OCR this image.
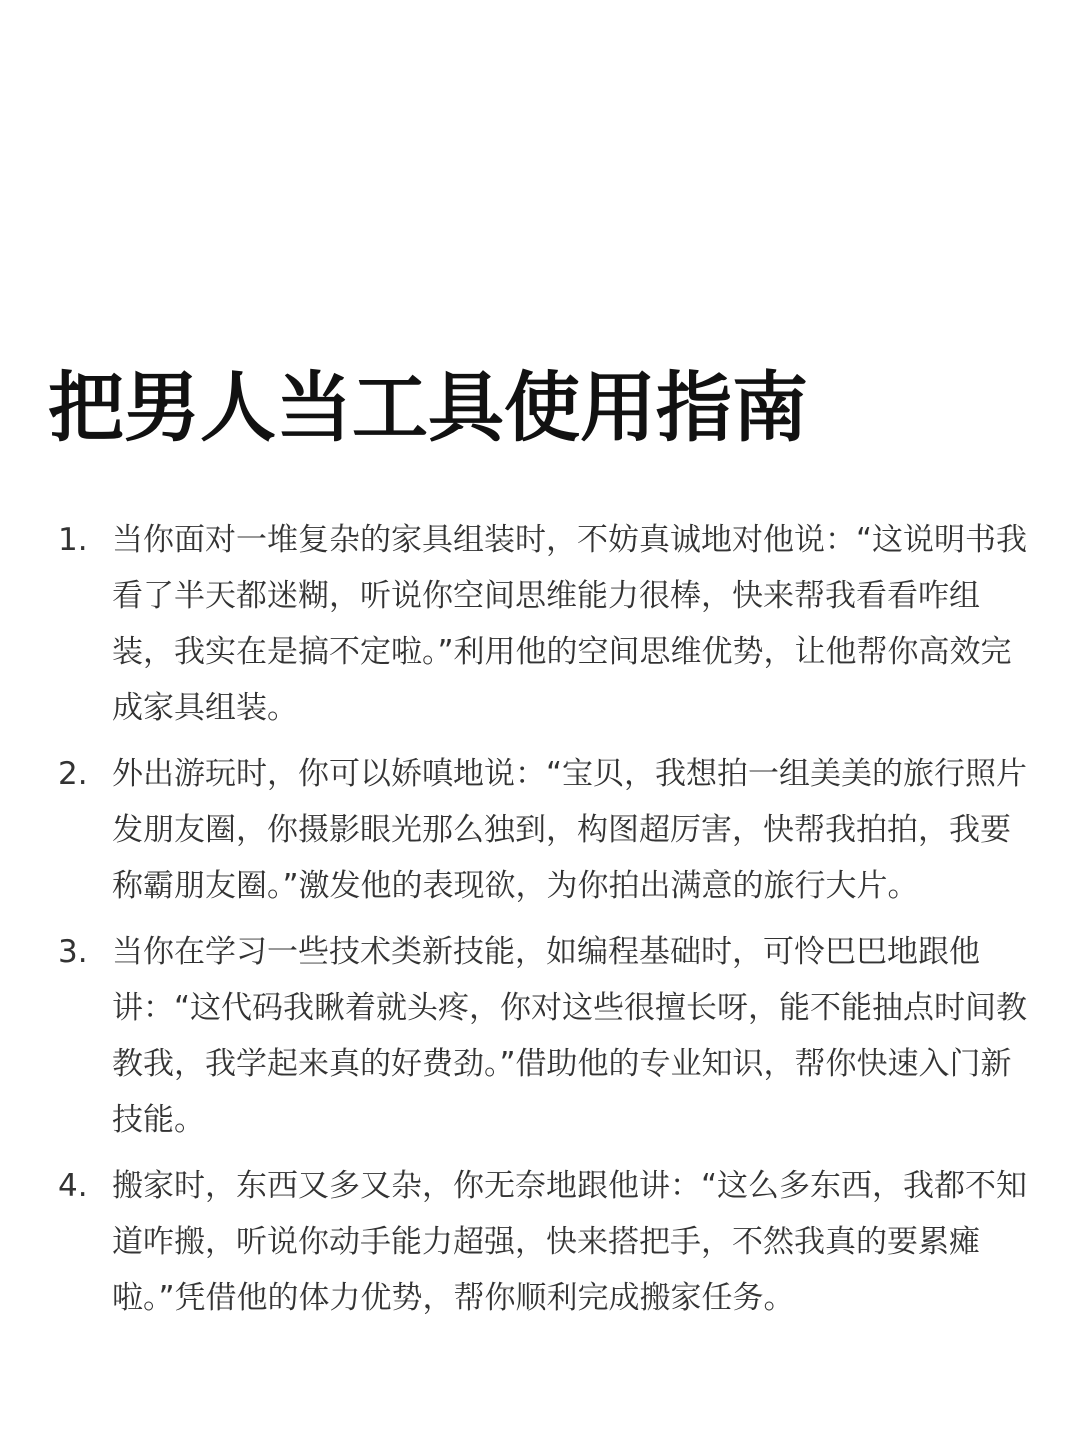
把男人当工具使用指南
1. 当你面对一堆复杂的家具组装时，不妨真诚地对他说：“这说明书我看了半天都迷糊，听说你空间思维能力很棒，快来帮我看看咋组装，我实在是搞不定啦。”利用他的空间思维优势，让他帮你高效完成家具组装。
2. 外出游玩时，你可以娇嗔地说：“宝贝，我想拍一组美美的旅行照片发朋友圈，你摄影眼光那么独到，构图超厉害，快帮我拍拍，我要称霸朋友圈。”激发他的表现欲，为你拍出满意的旅行大片。
3. 当你在学习一些技术类新技能，如编程基础时，可怜巴巴地跟他讲：“这代码我瞅着就头疼，你对这些很擅长呀，能不能抽点时间教教我，我学起来真的好费劲。”借助他的专业知识，帮你快速入门新技能。
4. 搬家时，东西又多又杂，你无奈地跟他讲：“这么多东西，我都不知道咋搬，听说你动手能力超强，快来搭把手，不然我真的要累瘫啦。”凭借他的体力优势，帮你顺利完成搬家任务。
